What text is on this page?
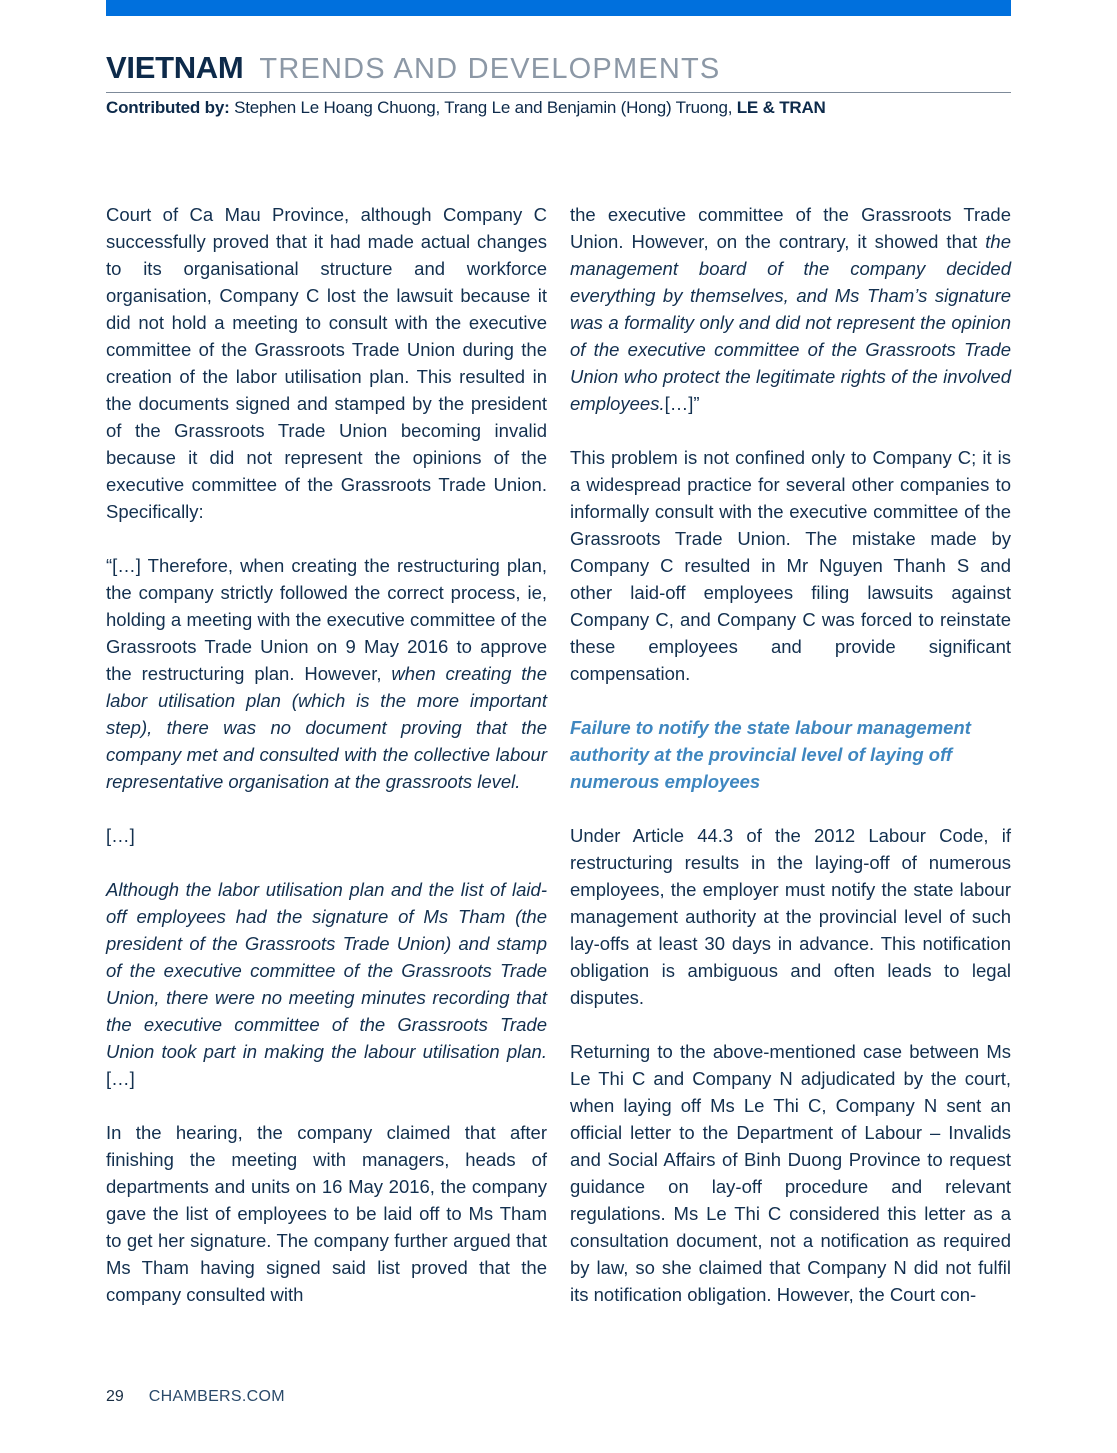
VIETNAM TRENDS AND DEVELOPMENTS
Contributed by: Stephen Le Hoang Chuong, Trang Le and Benjamin (Hong) Truong, LE & TRAN

Court of Ca Mau Province, although Company C successfully proved that it had made actual changes to its organisational structure and workforce organisation, Company C lost the lawsuit because it did not hold a meeting to consult with the executive committee of the Grassroots Trade Union during the creation of the labor utilisation plan. This resulted in the documents signed and stamped by the president of the Grassroots Trade Union becoming invalid because it did not represent the opinions of the executive committee of the Grassroots Trade Union. Specifically:

“[…] Therefore, when creating the restructuring plan, the company strictly followed the correct process, ie, holding a meeting with the executive committee of the Grassroots Trade Union on 9 May 2016 to approve the restructuring plan. However, when creating the labor utilisation plan (which is the more important step), there was no document proving that the company met and consulted with the collective labour representative organisation at the grassroots level.

[…]

Although the labor utilisation plan and the list of laid-off employees had the signature of Ms Tham (the president of the Grassroots Trade Union) and stamp of the executive committee of the Grassroots Trade Union, there were no meeting minutes recording that the executive committee of the Grassroots Trade Union took part in making the labour utilisation plan.[…]

In the hearing, the company claimed that after finishing the meeting with managers, heads of departments and units on 16 May 2016, the company gave the list of employees to be laid off to Ms Tham to get her signature. The company further argued that Ms Tham having signed said list proved that the company consulted with

the executive committee of the Grassroots Trade Union. However, on the contrary, it showed that the management board of the company decided everything by themselves, and Ms Tham’s signature was a formality only and did not represent the opinion of the executive committee of the Grassroots Trade Union who protect the legitimate rights of the involved employees.[…]”

This problem is not confined only to Company C; it is a widespread practice for several other companies to informally consult with the executive committee of the Grassroots Trade Union. The mistake made by Company C resulted in Mr Nguyen Thanh S and other laid-off employees filing lawsuits against Company C, and Company C was forced to reinstate these employees and provide significant compensation.

Failure to notify the state labour management authority at the provincial level of laying off numerous employees

Under Article 44.3 of the 2012 Labour Code, if restructuring results in the laying-off of numerous employees, the employer must notify the state labour management authority at the provincial level of such lay-offs at least 30 days in advance. This notification obligation is ambiguous and often leads to legal disputes.

Returning to the above-mentioned case between Ms Le Thi C and Company N adjudicated by the court, when laying off Ms Le Thi C, Company N sent an official letter to the Department of Labour – Invalids and Social Affairs of Binh Duong Province to request guidance on lay-off procedure and relevant regulations. Ms Le Thi C considered this letter as a consultation document, not a notification as required by law, so she claimed that Company N did not fulfil its notification obligation. However, the Court con-

29 CHAMBERS.COM
